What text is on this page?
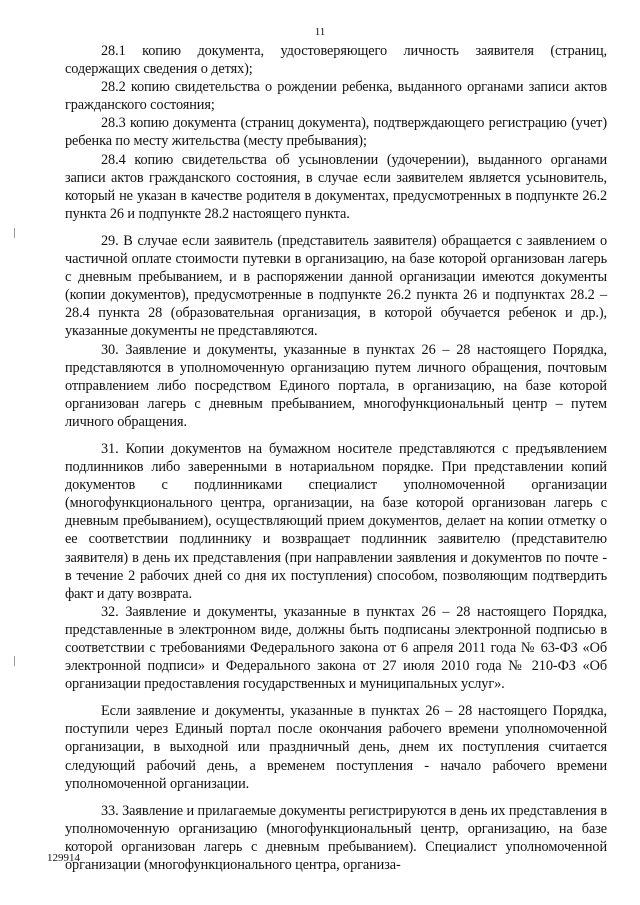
11

28.1 копию документа, удостоверяющего личность заявителя (страниц, содержащих сведения о детях);

28.2 копию свидетельства о рождении ребенка, выданного органами записи актов гражданского состояния;

28.3 копию документа (страниц документа), подтверждающего регистрацию (учет) ребенка по месту жительства (месту пребывания);

28.4 копию свидетельства об усыновлении (удочерении), выданного органами записи актов гражданского состояния, в случае если заявителем является усыновитель, который не указан в качестве родителя в документах, предусмотренных в подпункте 26.2 пункта 26 и подпункте 28.2 настоящего пункта.

29. В случае если заявитель (представитель заявителя) обращается с заявлением о частичной оплате стоимости путевки в организацию, на базе которой организован лагерь с дневным пребыванием, и в распоряжении данной организации имеются документы (копии документов), предусмотренные в подпункте 26.2 пункта 26 и подпунктах 28.2 – 28.4 пункта 28 (образовательная организация, в которой обучается ребенок и др.), указанные документы не представляются.

30. Заявление и документы, указанные в пунктах 26 – 28 настоящего Порядка, представляются в уполномоченную организацию путем личного обращения, почтовым отправлением либо посредством Единого портала, в организацию, на базе которой организован лагерь с дневным пребыванием, многофункциональный центр – путем личного обращения.

31. Копии документов на бумажном носителе представляются с предъявлением подлинников либо заверенными в нотариальном порядке. При представлении копий документов с подлинниками специалист уполномоченной организации (многофункционального центра, организации, на базе которой организован лагерь с дневным пребыванием), осуществляющий прием документов, делает на копии отметку о ее соответствии подлиннику и возвращает подлинник заявителю (представителю заявителя) в день их представления (при направлении заявления и документов по почте - в течение 2 рабочих дней со дня их поступления) способом, позволяющим подтвердить факт и дату возврата.

32. Заявление и документы, указанные в пунктах 26 – 28 настоящего Порядка, представленные в электронном виде, должны быть подписаны электронной подписью в соответствии с требованиями Федерального закона от 6 апреля 2011 года № 63-ФЗ «Об электронной подписи» и Федерального закона от 27 июля 2010 года № 210-ФЗ «Об организации предоставления государственных и муниципальных услуг».

Если заявление и документы, указанные в пунктах 26 – 28 настоящего Порядка, поступили через Единый портал после окончания рабочего времени уполномоченной организации, в выходной или праздничный день, днем их поступления считается следующий рабочий день, а временем поступления - начало рабочего времени уполномоченной организации.

33. Заявление и прилагаемые документы регистрируются в день их представления в уполномоченную организацию (многофункциональный центр, организацию, на базе которой организован лагерь с дневным пребыванием). Специалист уполномоченной организации (многофункционального центра, организа-

129914
